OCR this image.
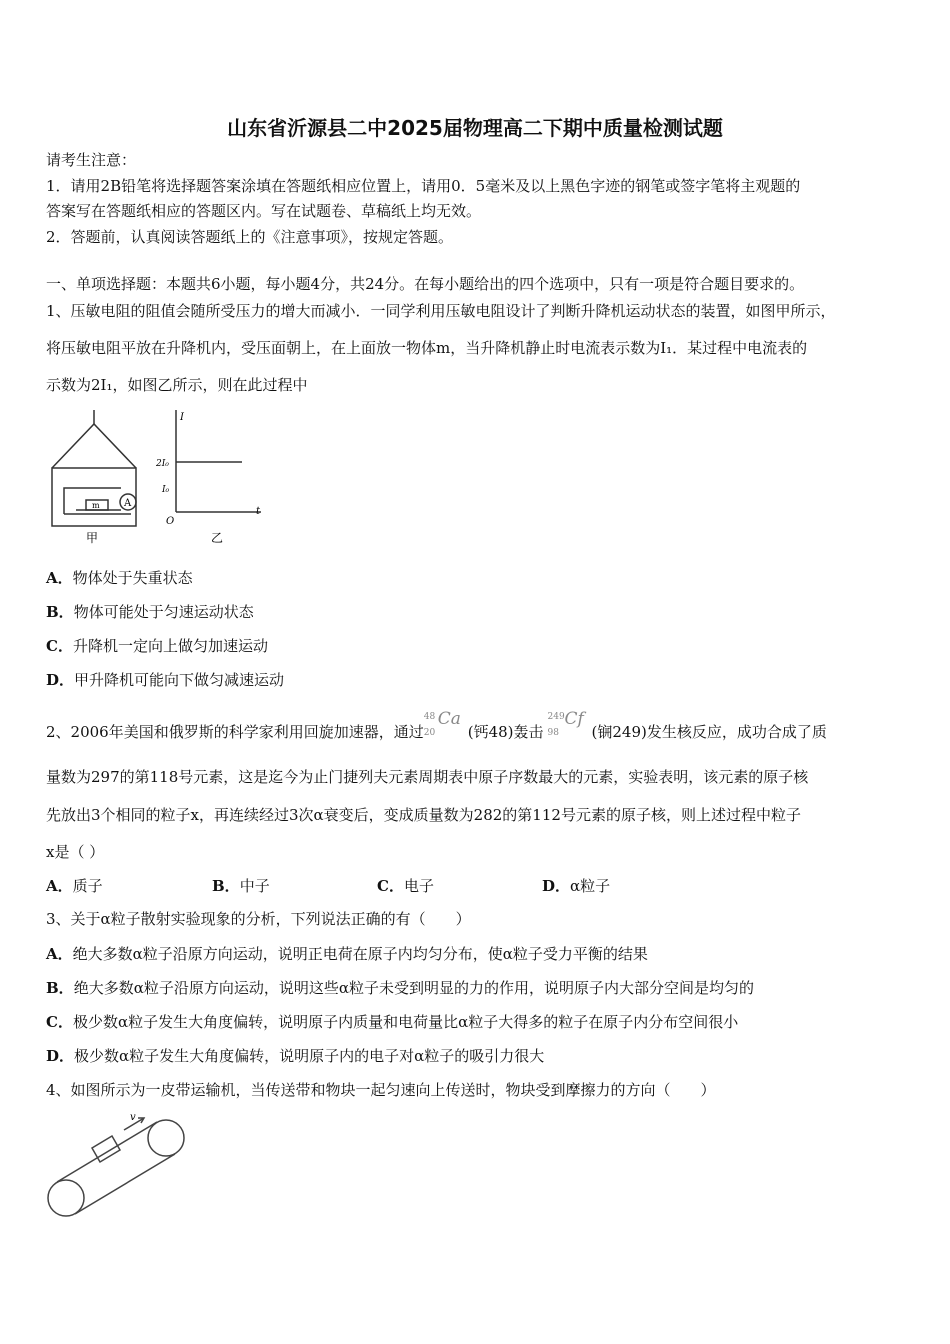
山东省沂源县二中2025届物理高二下期中质量检测试题
请考生注意：
1．请用2B铅笔将选择题答案涂填在答题纸相应位置上，请用0．5毫米及以上黑色字迹的钢笔或签字笔将主观题的
答案写在答题纸相应的答题区内。写在试题卷、草稿纸上均无效。
2．答题前，认真阅读答题纸上的《注意事项》，按规定答题。
一、单项选择题：本题共6小题，每小题4分，共24分。在每小题给出的四个选项中，只有一项是符合题目要求的。
1、压敏电阻的阻值会随所受压力的增大而减小．一同学利用压敏电阻设计了判断升降机运动状态的装置，如图甲所示，
将压敏电阻平放在升降机内，受压面朝上，在上面放一物体m，当升降机静止时电流表示数为I₁．某过程中电流表的
示数为2I₁，如图乙所示，则在此过程中
A
m
甲	乙
I
t
O
2I₀
I₀
A．物体处于失重状态
B．物体可能处于匀速运动状态
C．升降机一定向上做匀加速运动
D．甲升降机可能向下做匀减速运动
2、2006年美国和俄罗斯的科学家利用回旋加速器，通过
48
20
Ca
(钙48)轰击
249
98
Cf
(锎249)发生核反应，成功合成了质
量数为297的第118号元素，这是迄今为止门捷列夫元素周期表中原子序数最大的元素，实验表明，该元素的原子核
先放出3个相同的粒子x，再连续经过3次α衰变后，变成质量数为282的第112号元素的原子核，则上述过程中粒子
x是（ ）
A．质子	B．中子	C．电子	D．α粒子
3、关于α粒子散射实验现象的分析，下列说法正确的有（　　）
A．绝大多数α粒子沿原方向运动，说明正电荷在原子内均匀分布，使α粒子受力平衡的结果
B．绝大多数α粒子沿原方向运动，说明这些α粒子未受到明显的力的作用，说明原子内大部分空间是均匀的
C．极少数α粒子发生大角度偏转，说明原子内质量和电荷量比α粒子大得多的粒子在原子内分布空间很小
D．极少数α粒子发生大角度偏转，说明原子内的电子对α粒子的吸引力很大
4、如图所示为一皮带运输机，当传送带和物块一起匀速向上传送时，物块受到摩擦力的方向（　　）
v
